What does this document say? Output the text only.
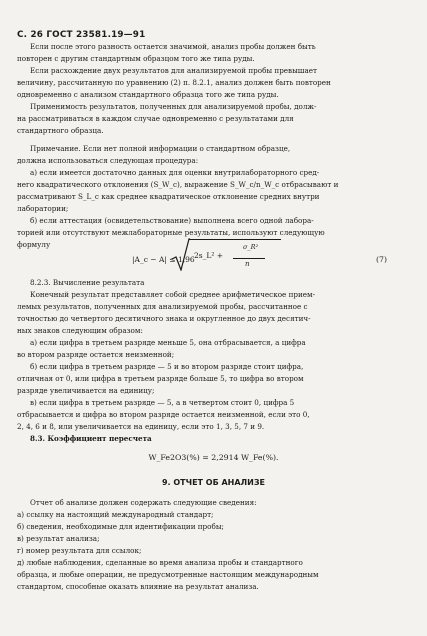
С. 26 ГОСТ 23581.19—91
Если после этого разность остается значимой, анализ пробы должен быть
повторен с другим стандартным образцом того же типа руды.
Если расхождение двух результатов для анализируемой пробы превышает
величину, рассчитанную по уравнению (2) п. 8.2.1, анализ должен быть повторен
одновременно с анализом стандартного образца того же типа руды.
Применимость результатов, полученных для анализируемой пробы, долж-
на рассматриваться в каждом случае одновременно с результатами для
стандартного образца.
Примечание. Если нет полной информации о стандартном образце,
должна использоваться следующая процедура:
а) если имеется достаточно данных для оценки внутрилабораторного сред-
него квадратического отклонения (S_W_c), выражение S_W_c/n_W_c отбрасывают и
рассматривают S_L_c как среднее квадратическое отклонение средних внутри
лаборатории;
б) если аттестация (освидетельствование) выполнена всего одной лабора-
торией или отсутствуют межлабораторные результаты, используют следующую
формулу
|A_c − A| ≤ 1,96 2s_L² +
σ_R²
n	(7)
8.2.3. Вычисление результата
Конечный результат представляет собой среднее арифметическое прием-
лемых результатов, полученных для анализируемой пробы, рассчитанное с
точностью до четвертого десятичного знака и округленное до двух десятич-
ных знаков следующим образом:
а) если цифра в третьем разряде меньше 5, она отбрасывается, а цифра
во втором разряде остается неизменной;
б) если цифра в третьем разряде — 5 и во втором разряде стоит цифра,
отличная от 0, или цифра в третьем разряде больше 5, то цифра во втором
разряде увеличивается на единицу;
в) если цифра в третьем разряде — 5, а в четвертом стоит 0, цифра 5
отбрасывается и цифра во втором разряде остается неизменной, если это 0,
2, 4, 6 и 8, или увеличивается на единицу, если это 1, 3, 5, 7 и 9.
8.3. Коэффициент пересчета
W_Fe2O3(%) = 2,2914 W_Fe(%).
9. ОТЧЕТ ОБ АНАЛИЗЕ
Отчет об анализе должен содержать следующие сведения:
а) ссылку на настоящий международный стандарт;
б) сведения, необходимые для идентификации пробы;
в) результат анализа;
г) номер результата для ссылок;
д) любые наблюдения, сделанные во время анализа пробы и стандартного
образца, и любые операции, не предусмотренные настоящим международным
стандартом, способные оказать влияние на результат анализа.
